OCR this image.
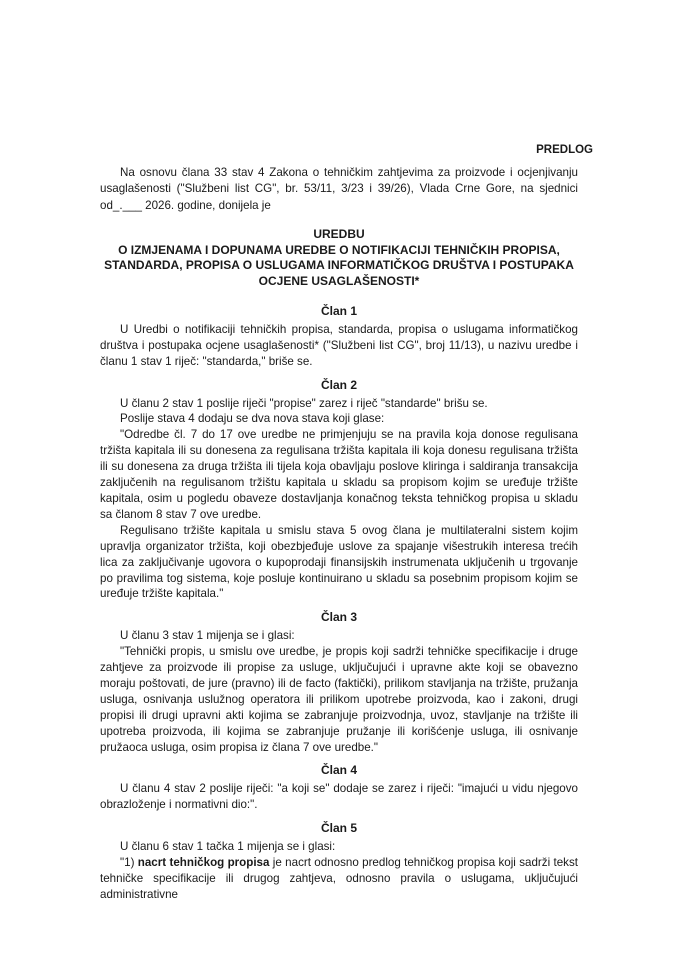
PREDLOG

Na osnovu člana 33 stav 4 Zakona o tehničkim zahtjevima za proizvode i ocjenjivanju usaglašenosti ("Službeni list CG", br. 53/11, 3/23 i 39/26), Vlada Crne Gore, na sjednici od_.___ 2026. godine, donijela je

UREDBU
O IZMJENAMA I DOPUNAMA UREDBE O NOTIFIKACIJI TEHNIČKIH PROPISA, STANDARDA, PROPISA O USLUGAMA INFORMATIČKOG DRUŠTVA I POSTUPAKA OCJENE USAGLAŠENOSTI*
Član 1

U Uredbi o notifikaciji tehničkih propisa, standarda, propisa o uslugama informatičkog društva i postupaka ocjene usaglašenosti* ("Službeni list CG", broj 11/13), u nazivu uredbe i članu 1 stav 1 riječ: "standarda," briše se.

Član 2

U članu 2 stav 1 poslije riječi "propise" zarez i riječ "standarde" brišu se.

Poslije stava 4 dodaju se dva nova stava koji glase:

"Odredbe čl. 7 do 17 ove uredbe ne primjenjuju se na pravila koja donose regulisana tržišta kapitala ili su donesena za regulisana tržišta kapitala ili koja donesu regulisana tržišta ili su donesena za druga tržišta ili tijela koja obavljaju poslove kliringa i saldiranja transakcija zaključenih na regulisanom tržištu kapitala u skladu sa propisom kojim se uređuje tržište kapitala, osim u pogledu obaveze dostavljanja konačnog teksta tehničkog propisa u skladu sa članom 8 stav 7 ove uredbe.

Regulisano tržište kapitala u smislu stava 5 ovog člana je multilateralni sistem kojim upravlja organizator tržišta, koji obezbjeđuje uslove za spajanje višestrukih interesa trećih lica za zaključivanje ugovora o kupoprodaji finansijskih instrumenata uključenih u trgovanje po pravilima tog sistema, koje posluje kontinuirano u skladu sa posebnim propisom kojim se uređuje tržište kapitala."

Član 3

U članu 3 stav 1 mijenja se i glasi:

"Tehnički propis, u smislu ove uredbe, je propis koji sadrži tehničke specifikacije i druge zahtjeve za proizvode ili propise za usluge, uključujući i upravne akte koji se obavezno moraju poštovati, de jure (pravno) ili de facto (faktički), prilikom stavljanja na tržište, pružanja usluga, osnivanja uslužnog operatora ili prilikom upotrebe proizvoda, kao i zakoni, drugi propisi ili drugi upravni akti kojima se zabranjuje proizvodnja, uvoz, stavljanje na tržište ili upotreba proizvoda, ili kojima se zabranjuje pružanje ili korišćenje usluga, ili osnivanje pružaoca usluga, osim propisa iz člana 7 ove uredbe."

Član 4

U članu 4 stav 2 poslije riječi: "a koji se" dodaje se zarez i riječi: "imajući u vidu njegovo obrazloženje i normativni dio:".

Član 5

U članu 6 stav 1 tačka 1 mijenja se i glasi:

"1) nacrt tehničkog propisa je nacrt odnosno predlog tehničkog propisa koji sadrži tekst tehničke specifikacije ili drugog zahtjeva, odnosno pravila o uslugama, uključujući administrativne
